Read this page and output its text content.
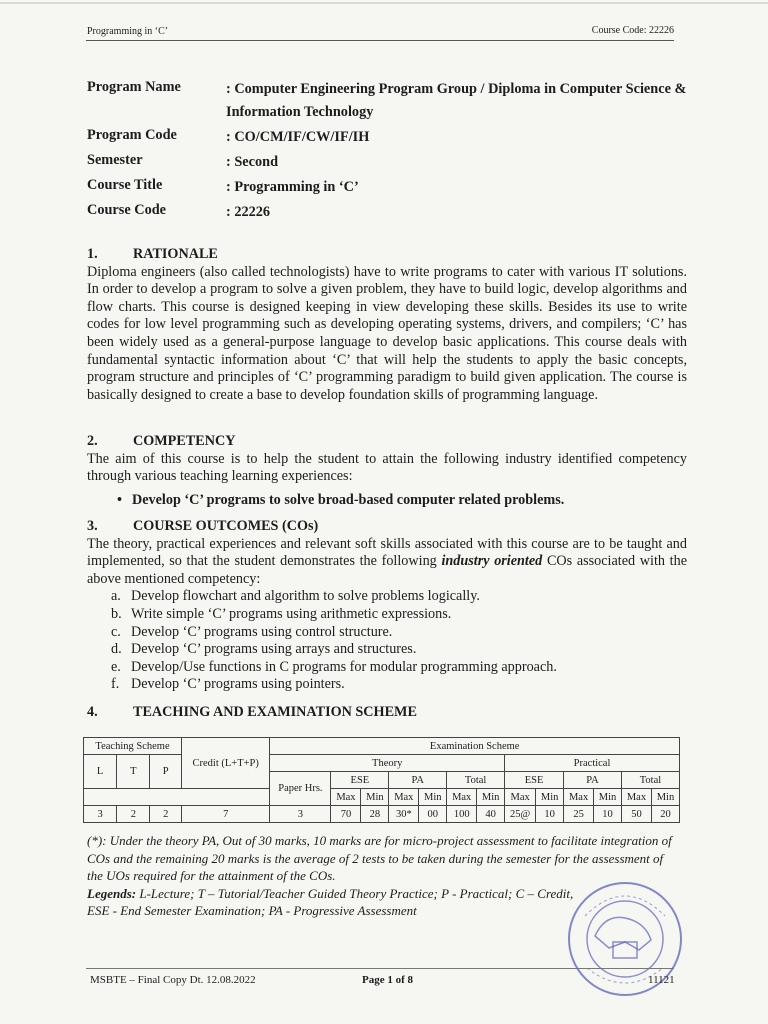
Programming in ‘C’	Course Code: 22226
Program Name	: Computer Engineering Program Group / Diploma in Computer Science & Information Technology
Program Code	: CO/CM/IF/CW/IF/IH
Semester	: Second
Course Title	: Programming in ‘C’
Course Code	: 22226
1.	RATIONALE
Diploma engineers (also called technologists) have to write programs to cater with various IT solutions. In order to develop a program to solve a given problem, they have to build logic, develop algorithms and flow charts. This course is designed keeping in view developing these skills. Besides its use to write codes for low level programming such as developing operating systems, drivers, and compilers; ‘C’ has been widely used as a general-purpose language to develop basic applications. This course deals with fundamental syntactic information about ‘C’ that will help the students to apply the basic concepts, program structure and principles of ‘C’ programming paradigm to build given application. The course is basically designed to create a base to develop foundation skills of programming language.
2.	COMPETENCY
The aim of this course is to help the student to attain the following industry identified competency through various teaching learning experiences:
• Develop ‘C’ programs to solve broad-based computer related problems.
3.	COURSE OUTCOMES (COs)
The theory, practical experiences and relevant soft skills associated with this course are to be taught and implemented, so that the student demonstrates the following industry oriented COs associated with the above mentioned competency:
a. Develop flowchart and algorithm to solve problems logically.
b. Write simple ‘C’ programs using arithmetic expressions.
c. Develop ‘C’ programs using control structure.
d. Develop ‘C’ programs using arrays and structures.
e. Develop/Use functions in C programs for modular programming approach.
f. Develop ‘C’ programs using pointers.
4.	TEACHING AND EXAMINATION SCHEME
Teaching Scheme			Credit (L+T+P)	Examination Scheme												

L	T	P		Theory							Practical					
				Paper Hrs.	ESE		PA		Total		ESE		PA		Total	
					Max	Min	Max	Min	Max	Min	Max	Min	Max	Min	Max	Min
3	2	2	7	3	70	28	30*	00	100	40	25@	10	25	10	50	20
(*): Under the theory PA, Out of 30 marks, 10 marks are for micro-project assessment to facilitate integration of COs and the remaining 20 marks is the average of 2 tests to be taken during the semester for the assessment of the UOs required for the attainment of the COs.
Legends: L-Lecture; T – Tutorial/Teacher Guided Theory Practice; P - Practical; C – Credit,
ESE - End Semester Examination; PA - Progressive Assessment
MSBTE – Final Copy Dt. 12.08.2022	Page 1 of 8	11121
